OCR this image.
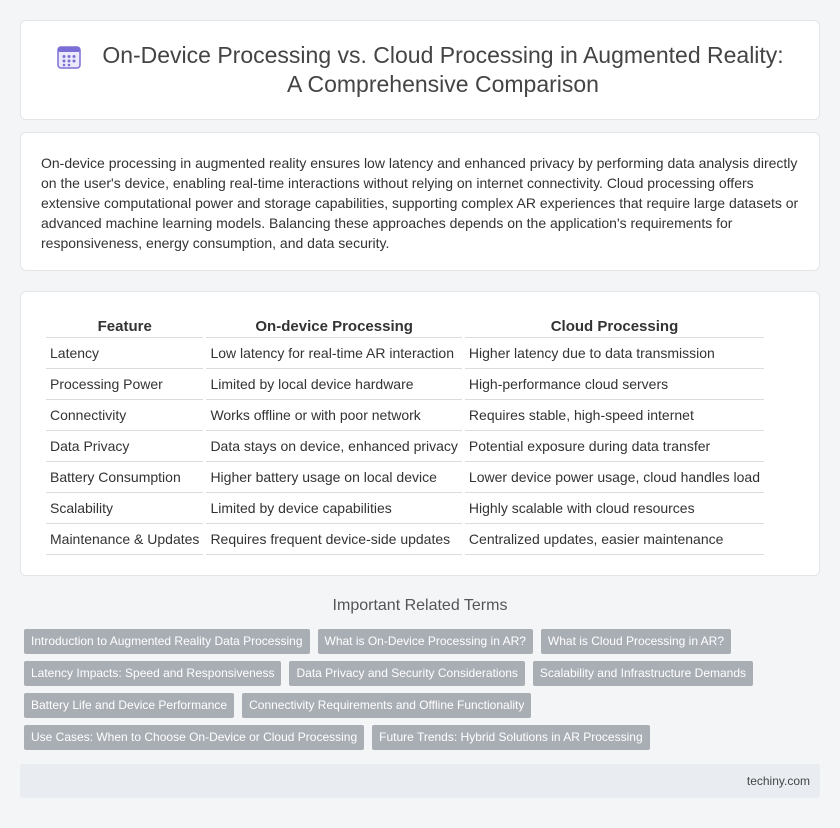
On-Device Processing vs. Cloud Processing in Augmented Reality:
A Comprehensive Comparison

On-device processing in augmented reality ensures low latency and enhanced privacy by performing data analysis directly on the user's device, enabling real-time interactions without relying on internet connectivity. Cloud processing offers extensive computational power and storage capabilities, supporting complex AR experiences that require large datasets or advanced machine learning models. Balancing these approaches depends on the application's requirements for responsiveness, energy consumption, and data security.

Feature	On-device Processing	Cloud Processing
Latency	Low latency for real-time AR interaction	Higher latency due to data transmission
Processing Power	Limited by local device hardware	High-performance cloud servers
Connectivity	Works offline or with poor network	Requires stable, high-speed internet
Data Privacy	Data stays on device, enhanced privacy	Potential exposure during data transfer
Battery Consumption	Higher battery usage on local device	Lower device power usage, cloud handles load
Scalability	Limited by device capabilities	Highly scalable with cloud resources
Maintenance & Updates	Requires frequent device-side updates	Centralized updates, easier maintenance
Important Related Terms
Introduction to Augmented Reality Data Processing	What is On-Device Processing in AR?	What is Cloud Processing in AR?
Latency Impacts: Speed and Responsiveness	Data Privacy and Security Considerations	Scalability and Infrastructure Demands
Battery Life and Device Performance	Connectivity Requirements and Offline Functionality
Use Cases: When to Choose On-Device or Cloud Processing	Future Trends: Hybrid Solutions in AR Processing
techiny.com
